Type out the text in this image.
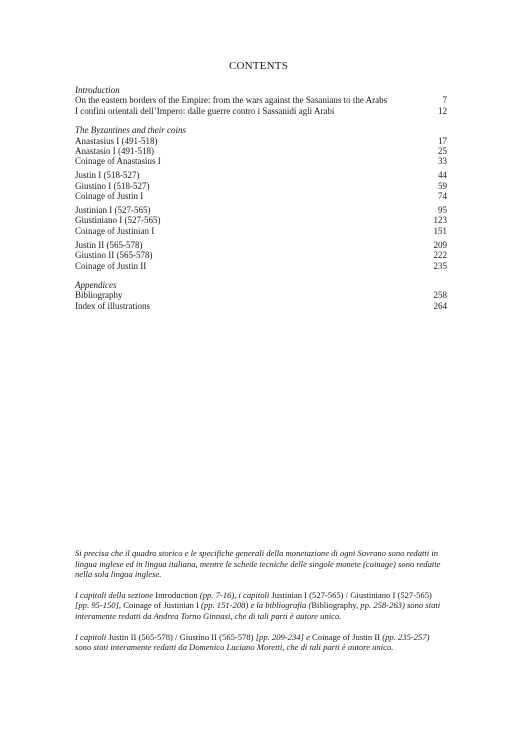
CONTENTS
Introduction
On the eastern borders of the Empire: from the wars against the Sasanians to the Arabs	7
I confini orientali dell’Impero: dalle guerre contro i Sassanidi agli Arabi	12
The Byzantines and their coins
Anastasius I (491-518)	17
Anastasio I (491-518)	25
Coinage of Anastasius I	33
Justin I (518-527)	44
Giustino I (518-527)	59
Coinage of Justin I	74
Justinian I (527-565)	95
Giustiniano I (527-565)	123
Coinage of Justinian I	151
Justin II (565-578)	209
Giustino II (565-578)	222
Coinage of Justin II	235
Appendices
Bibliography	258
Index of illustrations	264

Si precisa che il quadro storico e le specifiche generali della monetazione di ogni Sovrano sono redatti in lingua inglese ed in lingua italiana, mentre le schede tecniche delle singole monete (coinage) sono redatte nella sola lingua inglese.

I capitoli della sezione Introduction (pp. 7-16), i capitoli Justinian I (527-565) / Giustiniano I (527-565) [pp. 95-150], Coinage of Justinian I (pp. 151-208) e la bibliografia (Bibliography, pp. 258-263) sono stati interamente redatti da Andrea Torno Ginnasi, che di tali parti è autore unico.

I capitoli Justin II (565-578) / Giustino II (565-578) [pp. 209-234] e Coinage of Justin II (pp. 235-257) sono stati interamente redatti da Domenico Luciano Moretti, che di tali parti è autore unico.
